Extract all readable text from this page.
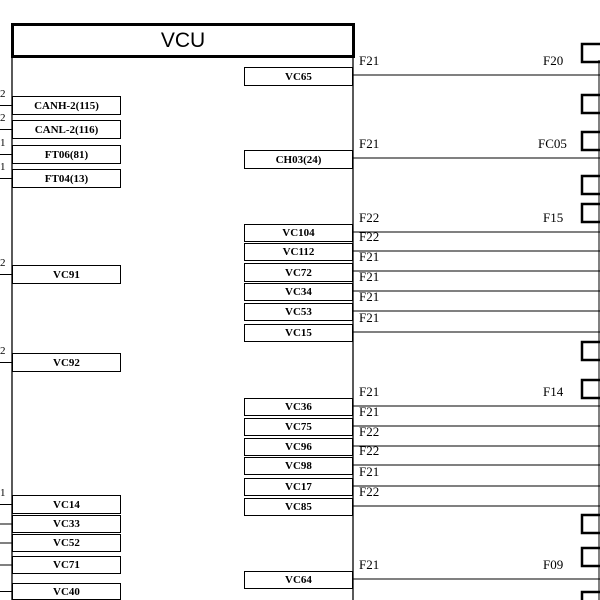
VCU
CANH-2(115)
2
CANL-2(116)
2
FT06(81)
1
FT04(13)
1
VC91
2
VC92
2
VC14
1
VC33
VC52
VC71
VC40
VC65
F21	F20
CH03(24)
F21	FC05
VC104
F22	F15
VC112
F22
VC72
F21
VC34
F21
VC53
F21
VC15
F21
VC36
F21	F14
VC75
F21
VC96
F22
VC98
F22
VC17
F21
VC85
F22
VC64
F21	F09
